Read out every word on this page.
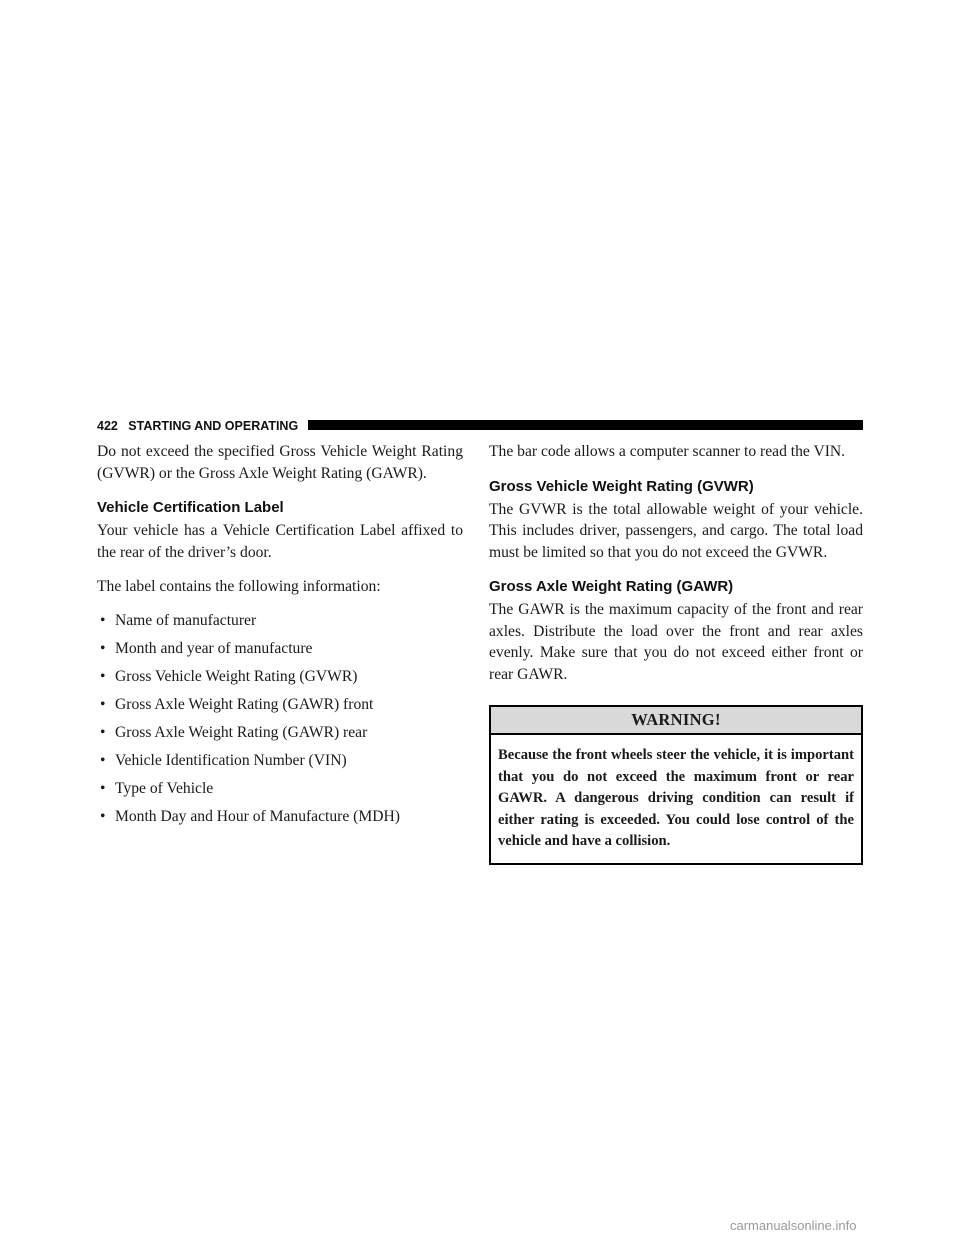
422 STARTING AND OPERATING

Do not exceed the specified Gross Vehicle Weight Rating (GVWR) or the Gross Axle Weight Rating (GAWR).

Vehicle Certification Label

Your vehicle has a Vehicle Certification Label affixed to the rear of the driver’s door.

The label contains the following information:

• Name of manufacturer
• Month and year of manufacture
• Gross Vehicle Weight Rating (GVWR)
• Gross Axle Weight Rating (GAWR) front
• Gross Axle Weight Rating (GAWR) rear
• Vehicle Identification Number (VIN)
• Type of Vehicle
• Month Day and Hour of Manufacture (MDH)

The bar code allows a computer scanner to read the VIN.

Gross Vehicle Weight Rating (GVWR)

The GVWR is the total allowable weight of your vehicle. This includes driver, passengers, and cargo. The total load must be limited so that you do not exceed the GVWR.

Gross Axle Weight Rating (GAWR)

The GAWR is the maximum capacity of the front and rear axles. Distribute the load over the front and rear axles evenly. Make sure that you do not exceed either front or rear GAWR.

WARNING!
Because the front wheels steer the vehicle, it is important that you do not exceed the maximum front or rear GAWR. A dangerous driving condition can result if either rating is exceeded. You could lose control of the vehicle and have a collision.
carmanualsonline.info
